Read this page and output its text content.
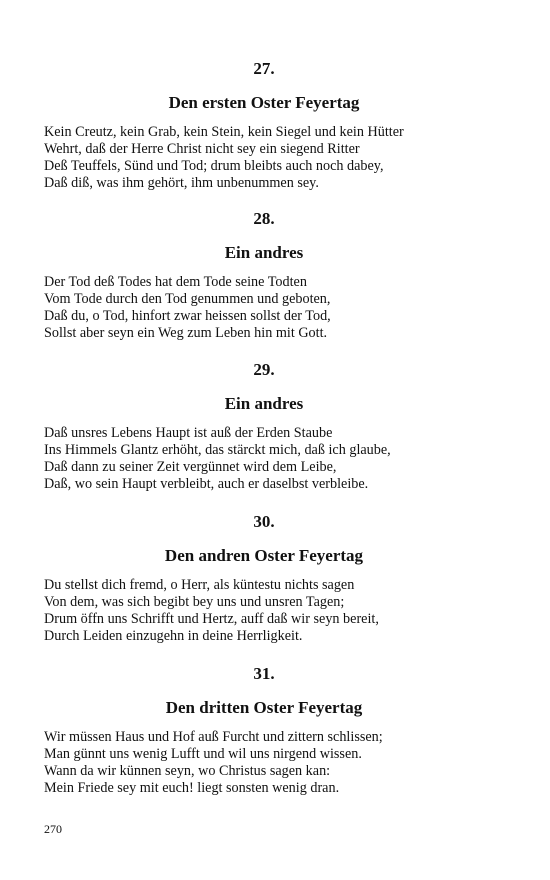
27.
Den ersten Oster Feyertag
Kein Creutz, kein Grab, kein Stein, kein Siegel und kein Hütter
Wehrt, daß der Herre Christ nicht sey ein siegend Ritter
Deß Teuffels, Sünd und Tod; drum bleibts auch noch dabey,
Daß diß, was ihm gehört, ihm unbenummen sey.
28.
Ein andres
Der Tod deß Todes hat dem Tode seine Todten
Vom Tode durch den Tod genummen und geboten,
Daß du, o Tod, hinfort zwar heissen sollst der Tod,
Sollst aber seyn ein Weg zum Leben hin mit Gott.
29.
Ein andres
Daß unsres Lebens Haupt ist auß der Erden Staube
Ins Himmels Glantz erhöht, das stärckt mich, daß ich glaube,
Daß dann zu seiner Zeit vergünnet wird dem Leibe,
Daß, wo sein Haupt verbleibt, auch er daselbst verbleibe.
30.
Den andren Oster Feyertag
Du stellst dich fremd, o Herr, als küntestu nichts sagen
Von dem, was sich begibt bey uns und unsren Tagen;
Drum öffn uns Schrifft und Hertz, auff daß wir seyn bereit,
Durch Leiden einzugehn in deine Herrligkeit.
31.
Den dritten Oster Feyertag
Wir müssen Haus und Hof auß Furcht und zittern schlissen;
Man günnt uns wenig Lufft und wil uns nirgend wissen.
Wann da wir künnen seyn, wo Christus sagen kan:
Mein Friede sey mit euch! liegt sonsten wenig dran.
270
